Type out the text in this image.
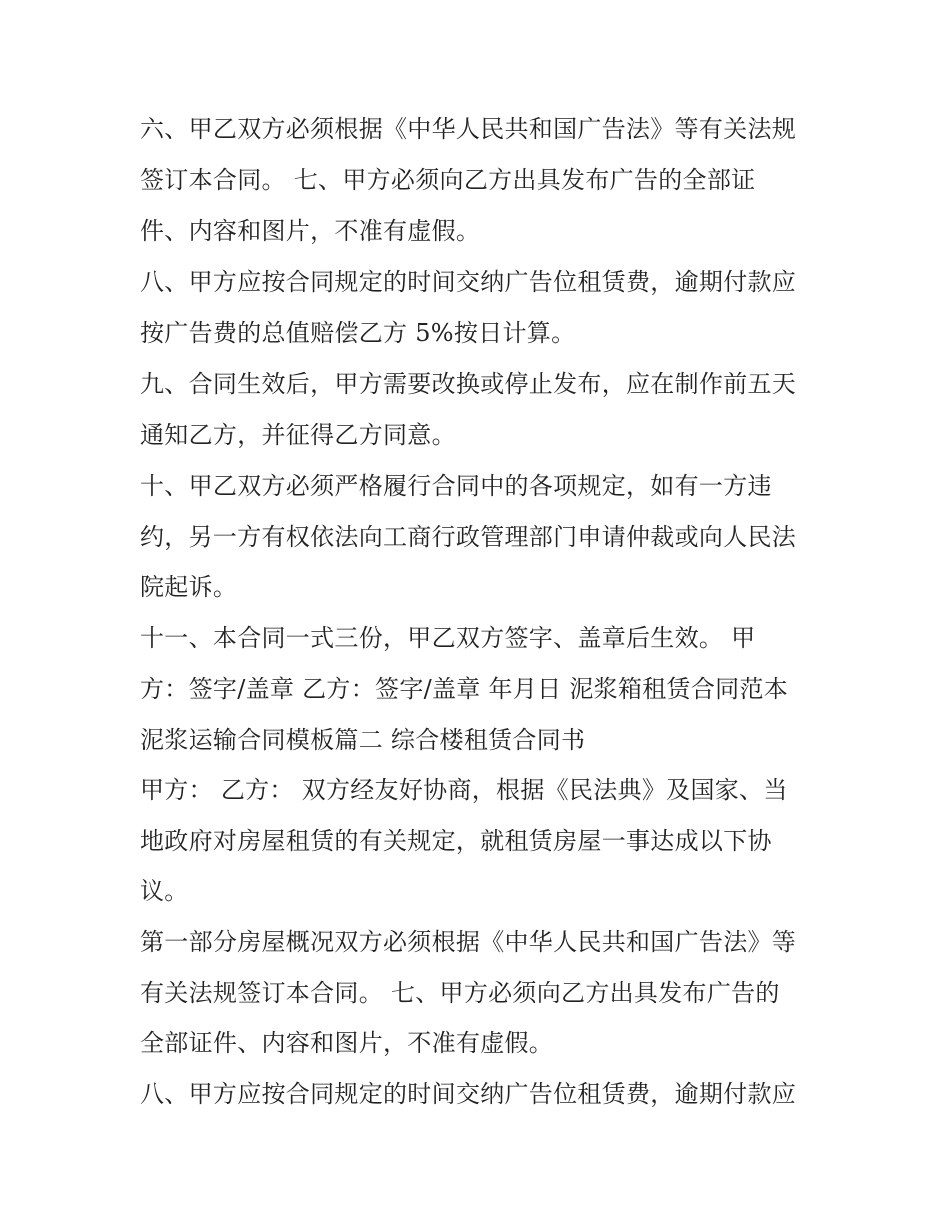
六、甲乙双方必须根据《中华人民共和国广告法》等有关法规
签订本合同。 七、甲方必须向乙方出具发布广告的全部证
件、内容和图片，不准有虚假。
八、甲方应按合同规定的时间交纳广告位租赁费，逾期付款应
按广告费的总值赔偿乙方 5%按日计算。
九、合同生效后，甲方需要改换或停止发布，应在制作前五天
通知乙方，并征得乙方同意。
十、甲乙双方必须严格履行合同中的各项规定，如有一方违
约，另一方有权依法向工商行政管理部门申请仲裁或向人民法
院起诉。
十一、本合同一式三份，甲乙双方签字、盖章后生效。 甲
方：签字/盖章 乙方：签字/盖章 年月日 泥浆箱租赁合同范本
泥浆运输合同模板篇二 综合楼租赁合同书
甲方： 乙方： 双方经友好协商，根据《民法典》及国家、当
地政府对房屋租赁的有关规定，就租赁房屋一事达成以下协
议。
第一部分房屋概况双方必须根据《中华人民共和国广告法》等
有关法规签订本合同。 七、甲方必须向乙方出具发布广告的
全部证件、内容和图片，不准有虚假。
八、甲方应按合同规定的时间交纳广告位租赁费，逾期付款应
